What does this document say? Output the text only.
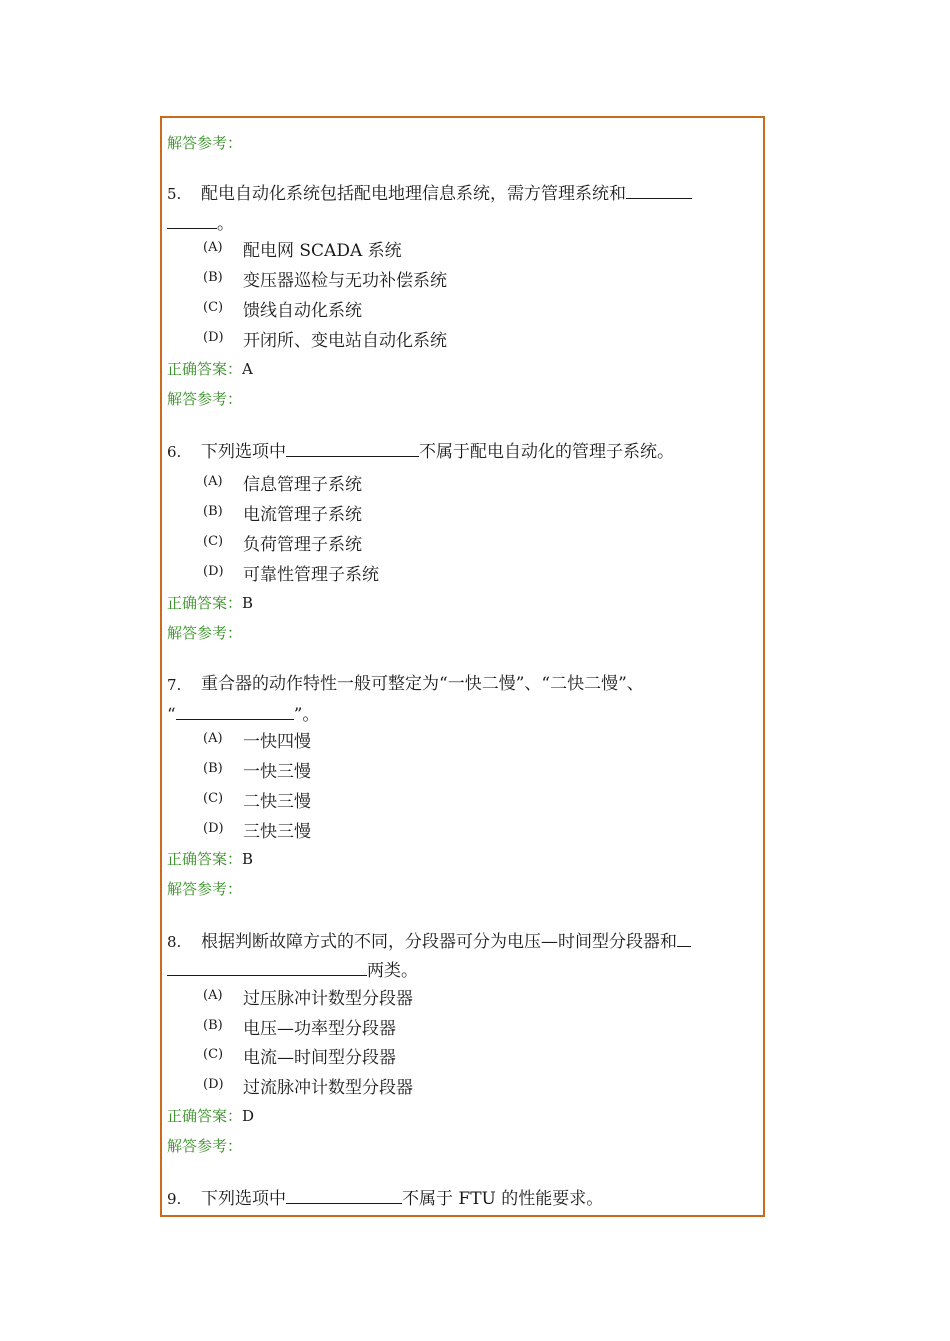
解答参考：
5. 配电自动化系统包括配电地理信息系统，需方管理系统和
。
(A) 配电网 SCADA 系统
(B) 变压器巡检与无功补偿系统
(C) 馈线自动化系统
(D) 开闭所、变电站自动化系统
正确答案：A
解答参考：
6. 下列选项中	不属于配电自动化的管理子系统。
(A) 信息管理子系统
(B) 电流管理子系统
(C) 负荷管理子系统
(D) 可靠性管理子系统
正确答案：B
解答参考：
7. 重合器的动作特性一般可整定为“一快二慢”、“二快二慢”、
“	”。
(A) 一快四慢
(B) 一快三慢
(C) 二快三慢
(D) 三快三慢
正确答案：B
解答参考：
8. 根据判断故障方式的不同，分段器可分为电压—时间型分段器和
两类。
(A) 过压脉冲计数型分段器
(B) 电压—功率型分段器
(C) 电流—时间型分段器
(D) 过流脉冲计数型分段器
正确答案：D
解答参考：
9. 下列选项中	不属于 FTU 的性能要求。
